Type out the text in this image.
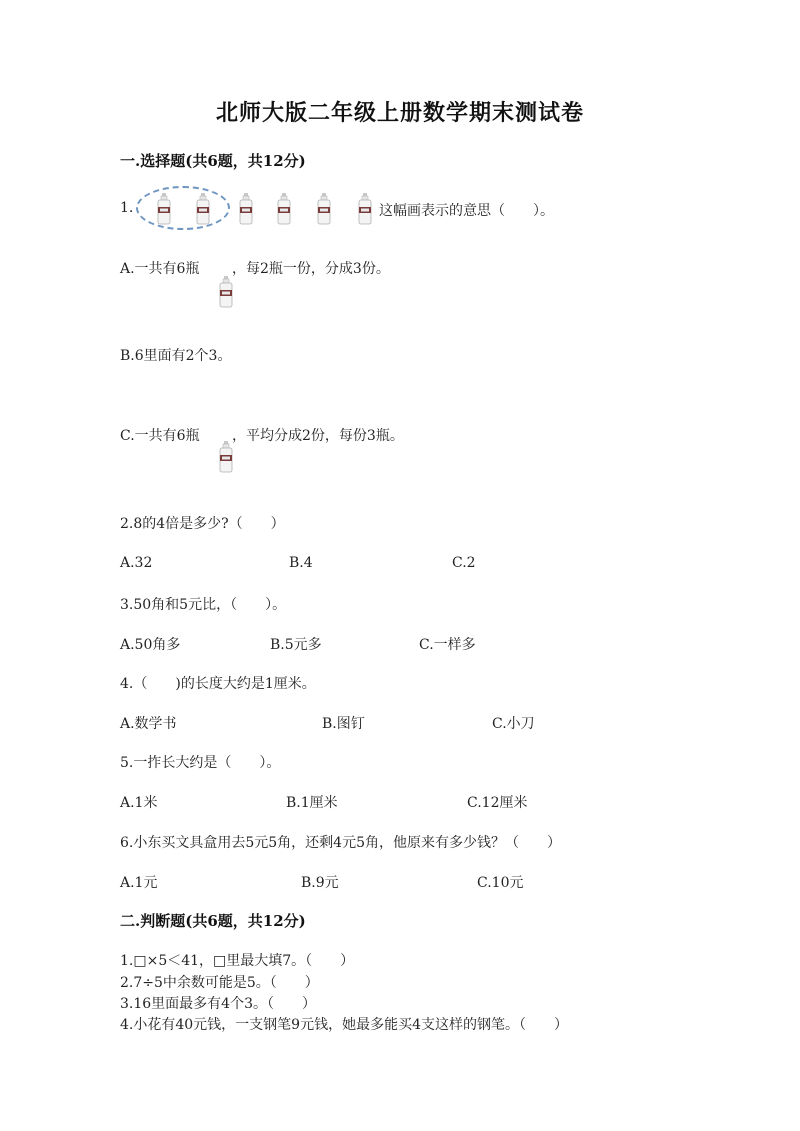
北师大版二年级上册数学期末测试卷
一.选择题(共6题，共12分)
1.	这幅画表示的意思（　　）。
A.一共有6瓶 ，每2瓶一份，分成3份。
B.6里面有2个3。
C.一共有6瓶 ，平均分成2份，每份3瓶。
2.8的4倍是多少?（　　）
A.32	B.4	C.2
3.50角和5元比，（　　）。
A.50角多	B.5元多	C.一样多
4.（　　)的长度大约是1厘米。
A.数学书	B.图钉	C.小刀
5.一拃长大约是（　　）。
A.1米	B.1厘米	C.12厘米
6.小东买文具盒用去5元5角，还剩4元5角，他原来有多少钱？（　　）
A.1元	B.9元	C.10元
二.判断题(共6题，共12分)
1.□×5＜41，□里最大填7。（　　）
2.7÷5中余数可能是5。（　　）
3.16里面最多有4个3。（　　）
4.小花有40元钱，一支钢笔9元钱，她最多能买4支这样的钢笔。（　　）
